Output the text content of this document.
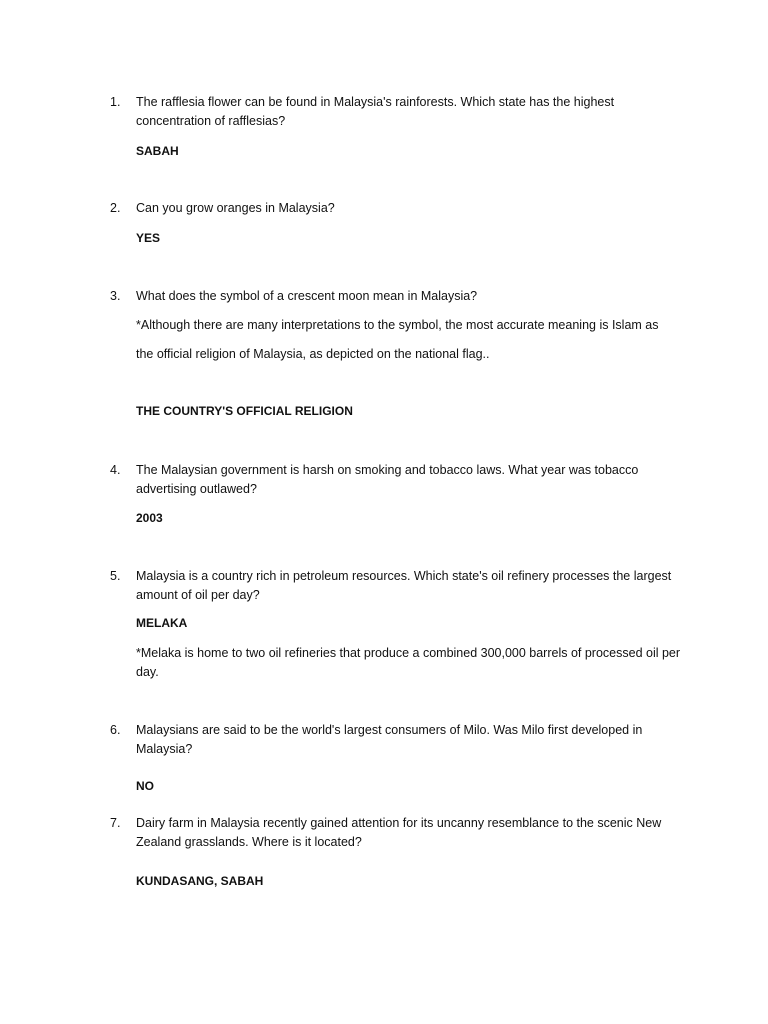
1.	The rafflesia flower can be found in Malaysia's rainforests. Which state has the highest concentration of rafflesias?
SABAH
2.	Can you grow oranges in Malaysia?
YES
3.	What does the symbol of a crescent moon mean in Malaysia?
*Although there are many interpretations to the symbol, the most accurate meaning is Islam as
the official religion of Malaysia, as depicted on the national flag..
THE COUNTRY'S OFFICIAL RELIGION
4.	The Malaysian government is harsh on smoking and tobacco laws. What year was tobacco advertising outlawed?
2003
5.	Malaysia is a country rich in petroleum resources. Which state's oil refinery processes the largest amount of oil per day?
MELAKA
*Melaka is home to two oil refineries that produce a combined 300,000 barrels of processed oil per day.
6.	Malaysians are said to be the world's largest consumers of Milo. Was Milo first developed in Malaysia?
NO
7.	Dairy farm in Malaysia recently gained attention for its uncanny resemblance to the scenic New Zealand grasslands. Where is it located?
KUNDASANG, SABAH
